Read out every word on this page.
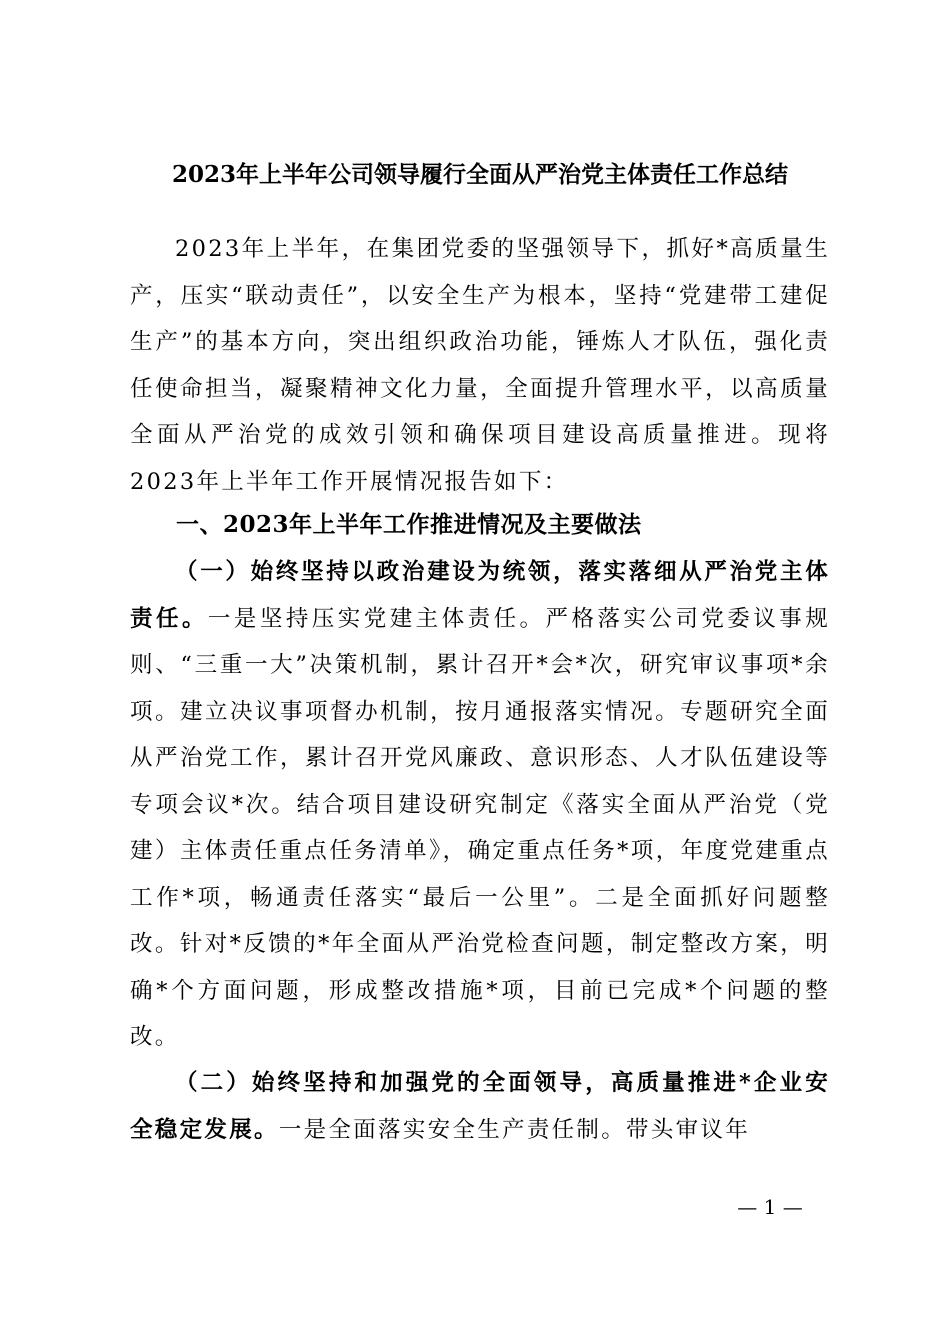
2023年上半年公司领导履行全面从严治党主体责任工作总结

2023年上半年，在集团党委的坚强领导下，抓好*高质量生产，压实“联动责任”，以安全生产为根本，坚持“党建带工建促生产”的基本方向，突出组织政治功能，锤炼人才队伍，强化责任使命担当，凝聚精神文化力量，全面提升管理水平，以高质量全面从严治党的成效引领和确保项目建设高质量推进。现将2023年上半年工作开展情况报告如下：

一、2023年上半年工作推进情况及主要做法

（一）始终坚持以政治建设为统领，落实落细从严治党主体责任。一是坚持压实党建主体责任。严格落实公司党委议事规则、“三重一大”决策机制，累计召开*会*次，研究审议事项*余项。建立决议事项督办机制，按月通报落实情况。专题研究全面从严治党工作，累计召开党风廉政、意识形态、人才队伍建设等专项会议*次。结合项目建设研究制定《落实全面从严治党（党建）主体责任重点任务清单》，确定重点任务*项，年度党建重点工作*项，畅通责任落实“最后一公里”。二是全面抓好问题整改。针对*反馈的*年全面从严治党检查问题，制定整改方案，明确*个方面问题，形成整改措施*项，目前已完成*个问题的整改。

（二）始终坚持和加强党的全面领导，高质量推进*企业安全稳定发展。一是全面落实安全生产责任制。带头审议年

— 1 —
